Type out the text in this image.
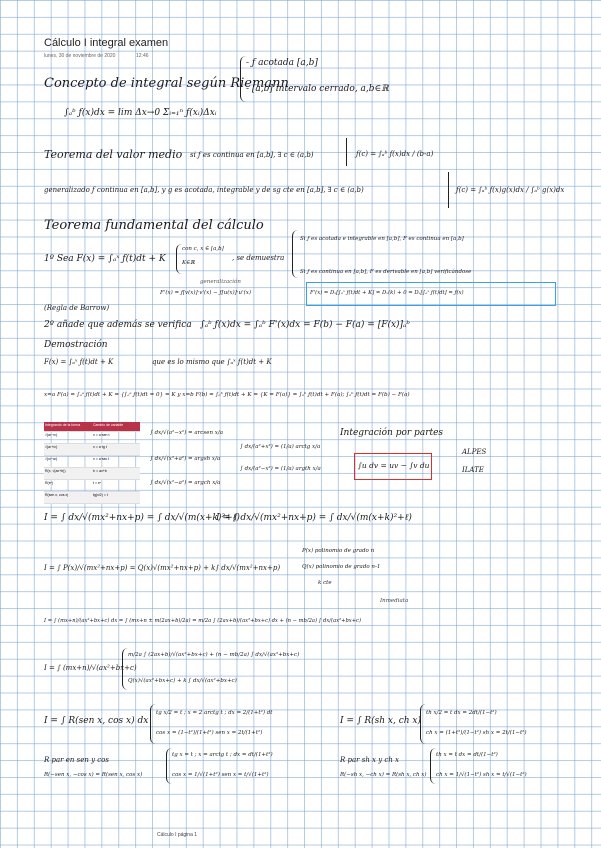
Cálculo I integral examen
lunes, 30 de noviembre de 2020	12:46
Concepto de integral según Riemann
- ƒ acotada [a,b]
- [a,b] intervalo cerrado, a,b∈ℝ
∫ₐᵇ ƒ(x)dx = lim Δx→0 Σᵢ₌₁ⁿ ƒ(xᵢ)Δxᵢ
Teorema del valor medio si ƒ es continua en [a,b], ∃ c ∈ (a,b)	ƒ(c) = ∫ₐᵇ ƒ(x)dx / (b-a)
generalizado ƒ continua en [a,b], y g es acotada, integrable y de sg cte en [a,b], ∃ c ∈ (a,b)	ƒ(c) = ∫ₐᵇ ƒ(x)g(x)dx / ∫ₐᵇ g(x)dx
Teorema fundamental del cálculo
1º Sea F(x) = ∫ₐˣ ƒ(t)dt + K
con c, x ∈ [a,b]
K∈ℝ
, se demuestra
Si ƒ es acotada e integrable en [a,b], F es continua en [a,b]
Si ƒ es continua en [a,b], F es derivable en [a,b] verificándose
generalización
F'(x) = ƒ[v(x)]·v'(x) − ƒ[u(x)]·u'(x)	F'(x) = Dₓ[∫ₐˣ ƒ(t)dt + K] = Dₓ(k) + 0 = Dₓ[∫ₐˣ ƒ(t)dt] = ƒ(x)
(Regla de Barrow)
2º añade que además se verifica ∫ₐᵇ ƒ(x)dx = ∫ₐᵇ F'(x)dx = F(b) − F(a) = [F(x)]ₐᵇ
Demostración
F(x) = ∫ₐˣ ƒ(t)dt + K	que es lo mismo que ∫ₐˣ ƒ(t)dt + K
x=a F(a) = ∫ₐᵃ ƒ(t)dt + K = {∫ₐᵃ ƒ(t)dt = 0} = K y x=b F(b) = ∫ₐᵇ ƒ(t)dt + K = {K = F(a)} = ∫ₐᵇ ƒ(t)dt + F(a); ∫ₐᵇ ƒ(t)dt = F(b) − F(a)
Integrando de la forma	Cambio de variable
√(a²−x²)	x = a·sen t
√(a²+x²)	x = a·tg t
√(x²−a²)	x = a·sec t
R(x, √(ax+b))	t² = ax+b
R(eˣ)	t = eˣ
R(sen x, cos x)	tg(x/2) = t
∫ dx/√(a²−x²) = arcsen x/a
∫ dx/(a²+x²) = (1/a) arctg x/a
∫ dx/√(x²+a²) = argsh x/a
∫ dx/(a²−x²) = (1/a) argth x/a
∫ dx/√(x²−a²) = argch x/a
Integración por partes
∫u dv = uv − ∫v du
ALPES
ILATE
I = ∫ dx/√(mx²+nx+p) = ∫ dx/√(m(x+k)²+ℓ)
I = ∫ dx/√(mx²+nx+p) = ∫ dx/√(m(x+k)²+ℓ)
I = ∫ P(x)/√(mx²+nx+p) = Q(x)√(mx²+nx+p) + k∫ dx/√(mx²+nx+p)
P(x) polinomio de grado n
Q(x) polinomio de grado n-1
k cte
Inmediata
I = ∫ (mx+n)/(ax²+bx+c) dx = ∫ (mx+n ± m(2ax+b)/2a) = m/2a ∫ (2ax+b)/(ax²+bx+c) dx + (n − mb/2a) ∫ dx/(ax²+bx+c)
I = ∫ (mx+n)/√(ax²+bx+c)
m/2a ∫ (2ax+b)/√(ax²+bx+c) + (n − mb/2a) ∫ dx/√(ax²+bx+c)
Q(x)√(ax²+bx+c) + k ∫ dx/√(ax²+bx+c)
I = ∫ R(sen x, cos x) dx
tg x/2 = t ; x = 2 arctg t ; dx = 2/(1+t²) dt
cos x = (1−t²)/(1+t²) sen x = 2t/(1+t²)
R par en sen y cos
R(−sen x, −cos x) = R(sen x, cos x)
tg x = t ; x = arctg t ; dx = dt/(1+t²)
cos x = 1/√(1+t²) sen x = t/√(1+t²)
I = ∫ R(sh x, ch x)
th x/2 = t dx = 2dt/(1−t²)
ch x = (1+t²)/(1−t²) sh x = 2t/(1−t²)
R par sh x y ch x
R(−sh x, −ch x) = R(sh x, ch x)
th x = t dx = dt/(1−t²)
ch x = 1/√(1−t²) sh x = t/√(1−t²)
Cálculo I página 1
